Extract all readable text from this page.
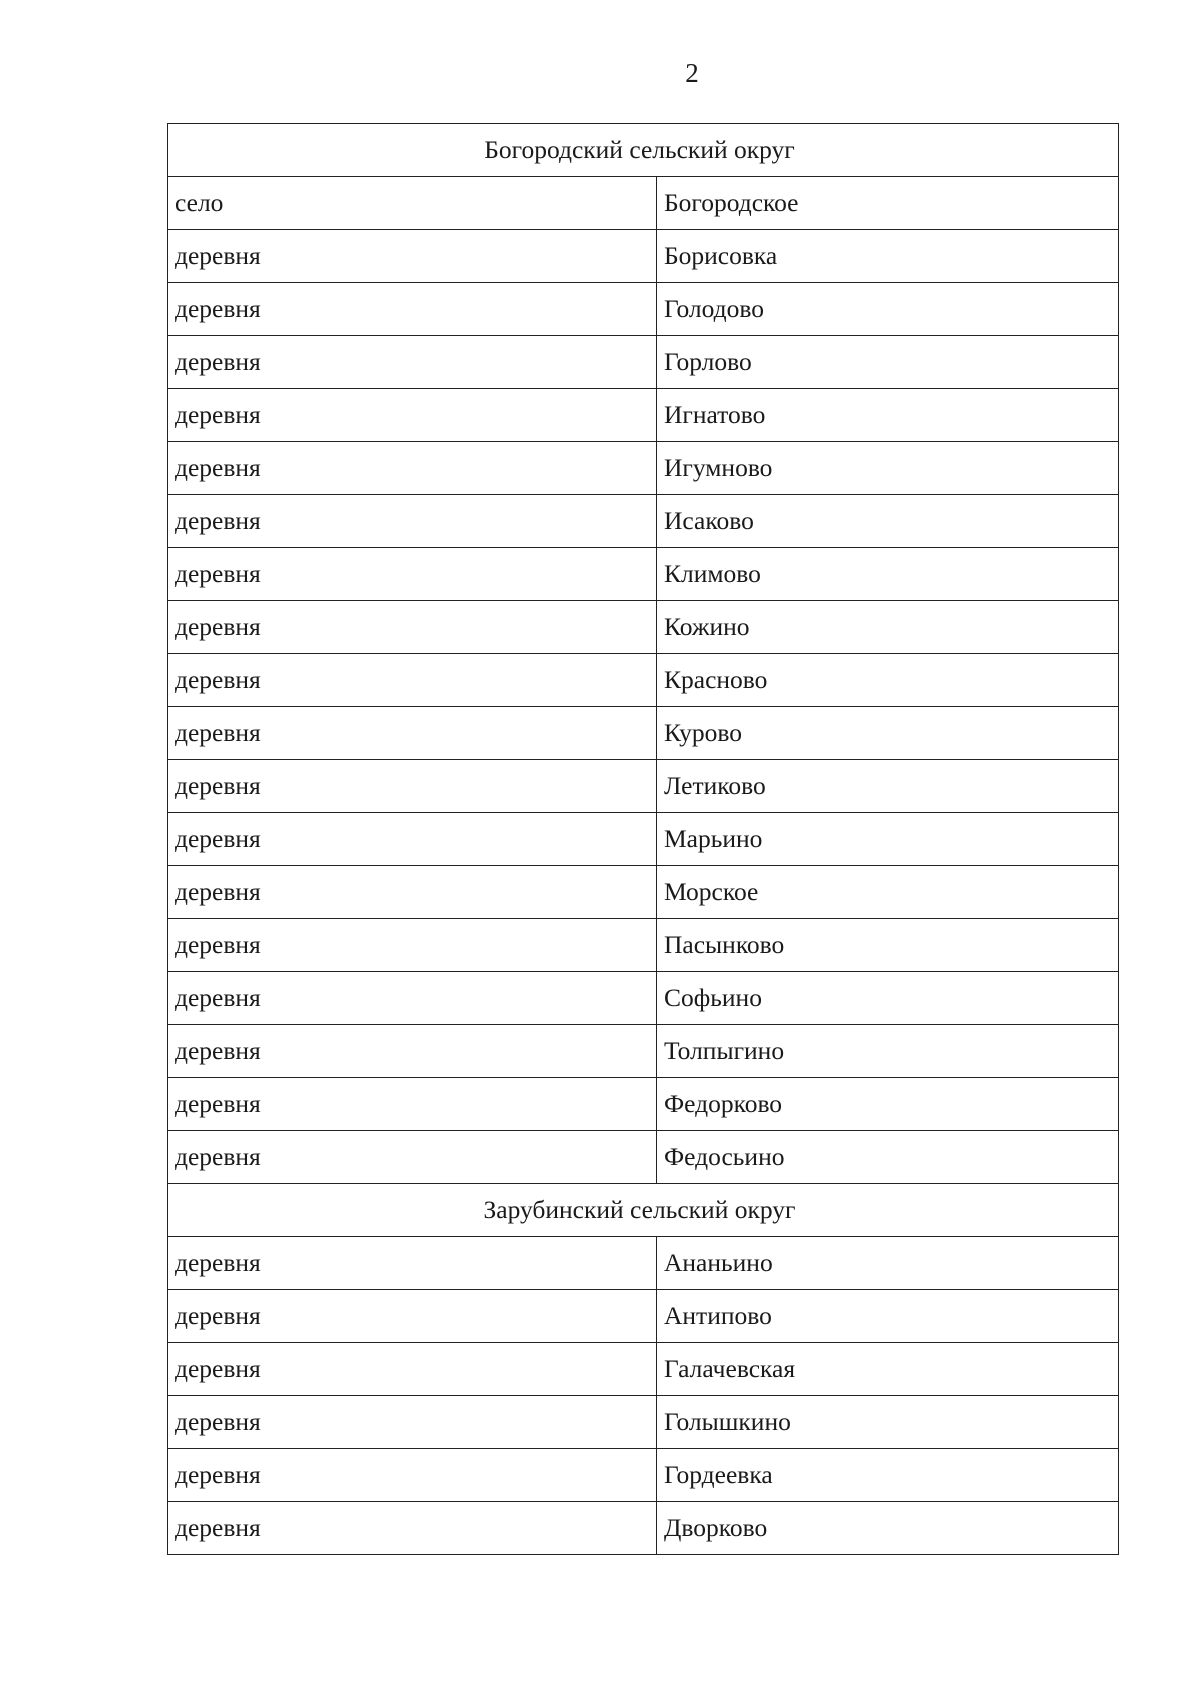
2
Богородский сельский округ	
село	Богородское
деревня	Борисовка
деревня	Голодово
деревня	Горлово
деревня	Игнатово
деревня	Игумново
деревня	Исаково
деревня	Климово
деревня	Кожино
деревня	Красново
деревня	Курово
деревня	Летиково
деревня	Марьино
деревня	Морское
деревня	Пасынково
деревня	Софьино
деревня	Толпыгино
деревня	Федорково
деревня	Федосьино
Зарубинский сельский округ	
деревня	Ананьино
деревня	Антипово
деревня	Галачевская
деревня	Голышкино
деревня	Гордеевка
деревня	Дворково
